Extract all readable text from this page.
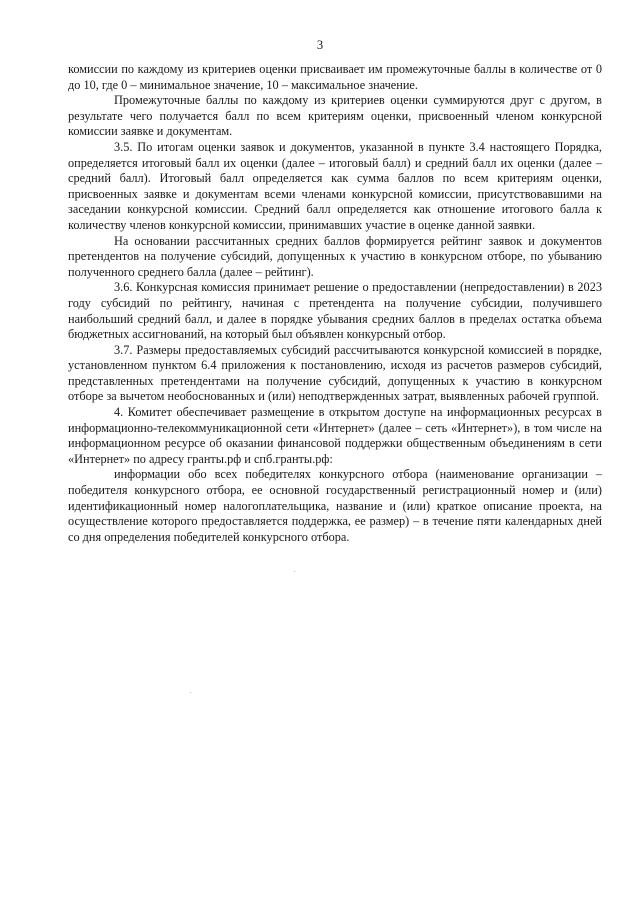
3

комиссии по каждому из критериев оценки присваивает им промежуточные баллы в количестве от 0 до 10, где 0 – минимальное значение, 10 – максимальное значение.

Промежуточные баллы по каждому из критериев оценки суммируются друг с другом, в результате чего получается балл по всем критериям оценки, присвоенный членом конкурсной комиссии заявке и документам.

3.5. По итогам оценки заявок и документов, указанной в пункте 3.4 настоящего Порядка, определяется итоговый балл их оценки (далее – итоговый балл) и средний балл их оценки (далее – средний балл). Итоговый балл определяется как сумма баллов по всем критериям оценки, присвоенных заявке и документам всеми членами конкурсной комиссии, присутствовавшими на заседании конкурсной комиссии. Средний балл определяется как отношение итогового балла к количеству членов конкурсной комиссии, принимавших участие в оценке данной заявки.

На основании рассчитанных средних баллов формируется рейтинг заявок и документов претендентов на получение субсидий, допущенных к участию в конкурсном отборе, по убыванию полученного среднего балла (далее – рейтинг).

3.6. Конкурсная комиссия принимает решение о предоставлении (непредоставлении) в 2023 году субсидий по рейтингу, начиная с претендента на получение субсидии, получившего наибольший средний балл, и далее в порядке убывания средних баллов в пределах остатка объема бюджетных ассигнований, на который был объявлен конкурсный отбор.

3.7. Размеры предоставляемых субсидий рассчитываются конкурсной комиссией в порядке, установленном пунктом 6.4 приложения к постановлению, исходя из расчетов размеров субсидий, представленных претендентами на получение субсидий, допущенных к участию в конкурсном отборе за вычетом необоснованных и (или) неподтвержденных затрат, выявленных рабочей группой.

4. Комитет обеспечивает размещение в открытом доступе на информационных ресурсах в информационно-телекоммуникационной сети «Интернет» (далее – сеть «Интернет»), в том числе на информационном ресурсе об оказании финансовой поддержки общественным объединениям в сети «Интернет» по адресу гранты.рф и спб.гранты.рф:

информации обо всех победителях конкурсного отбора (наименование организации – победителя конкурсного отбора, ее основной государственный регистрационный номер и (или) идентификационный номер налогоплательщика, название и (или) краткое описание проекта, на осуществление которого предоставляется поддержка, ее размер) – в течение пяти календарных дней со дня определения победителей конкурсного отбора.
